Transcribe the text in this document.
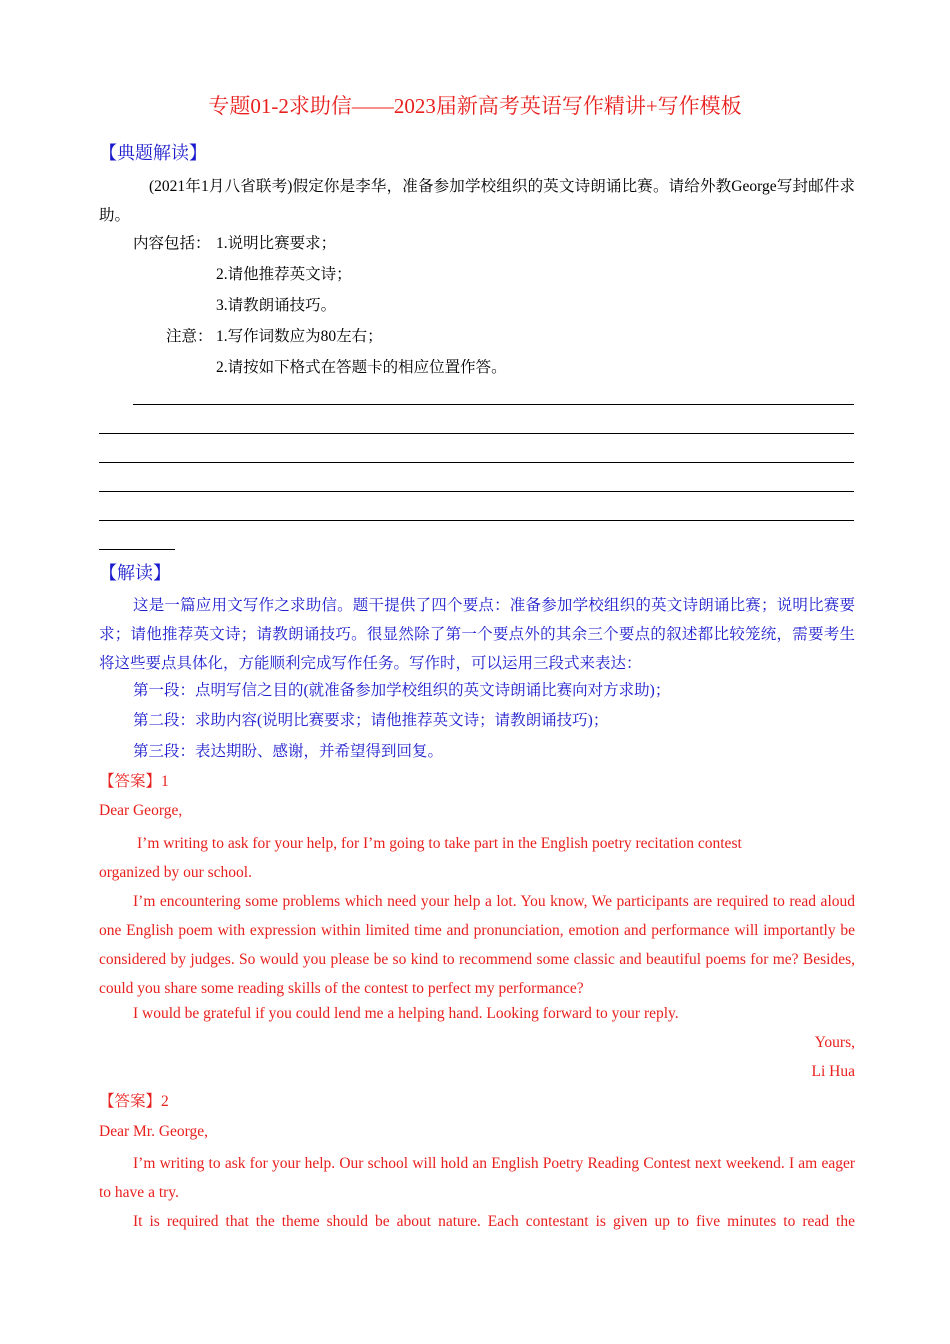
专题01-2求助信——2023届新高考英语写作精讲+写作模板
【典题解读】
(2021年1月八省联考)假定你是李华，准备参加学校组织的英文诗朗诵比赛。请给外教George写封邮件求助。
内容包括： 1.说明比赛要求；
2.请他推荐英文诗；
3.请教朗诵技巧。
注意： 1.写作词数应为80左右；
2.请按如下格式在答题卡的相应位置作答。
【解读】
这是一篇应用文写作之求助信。题干提供了四个要点：准备参加学校组织的英文诗朗诵比赛；说明比赛要求；请他推荐英文诗；请教朗诵技巧。很显然除了第一个要点外的其余三个要点的叙述都比较笼统，需要考生将这些要点具体化，方能顺利完成写作任务。写作时，可以运用三段式来表达：
第一段：点明写信之目的(就准备参加学校组织的英文诗朗诵比赛向对方求助)；
第二段：求助内容(说明比赛要求；请他推荐英文诗；请教朗诵技巧)；
第三段：表达期盼、感谢，并希望得到回复。
【答案】1
Dear George,
I’m writing to ask for your help, for I’m going to take part in the English poetry recitation contest organized by our school.
I’m encountering some problems which need your help a lot. You know, We participants are required to read aloud one English poem with expression within limited time and pronunciation, emotion and performance will importantly be considered by judges. So would you please be so kind to recommend some classic and beautiful poems for me? Besides, could you share some reading skills of the contest to perfect my performance?
I would be grateful if you could lend me a helping hand. Looking forward to your reply.
Yours,
Li Hua
【答案】2
Dear Mr. George,
I’m writing to ask for your help. Our school will hold an English Poetry Reading Contest next weekend. I am eager to have a try.
It is required that the theme should be about nature. Each contestant is given up to five minutes to read the
